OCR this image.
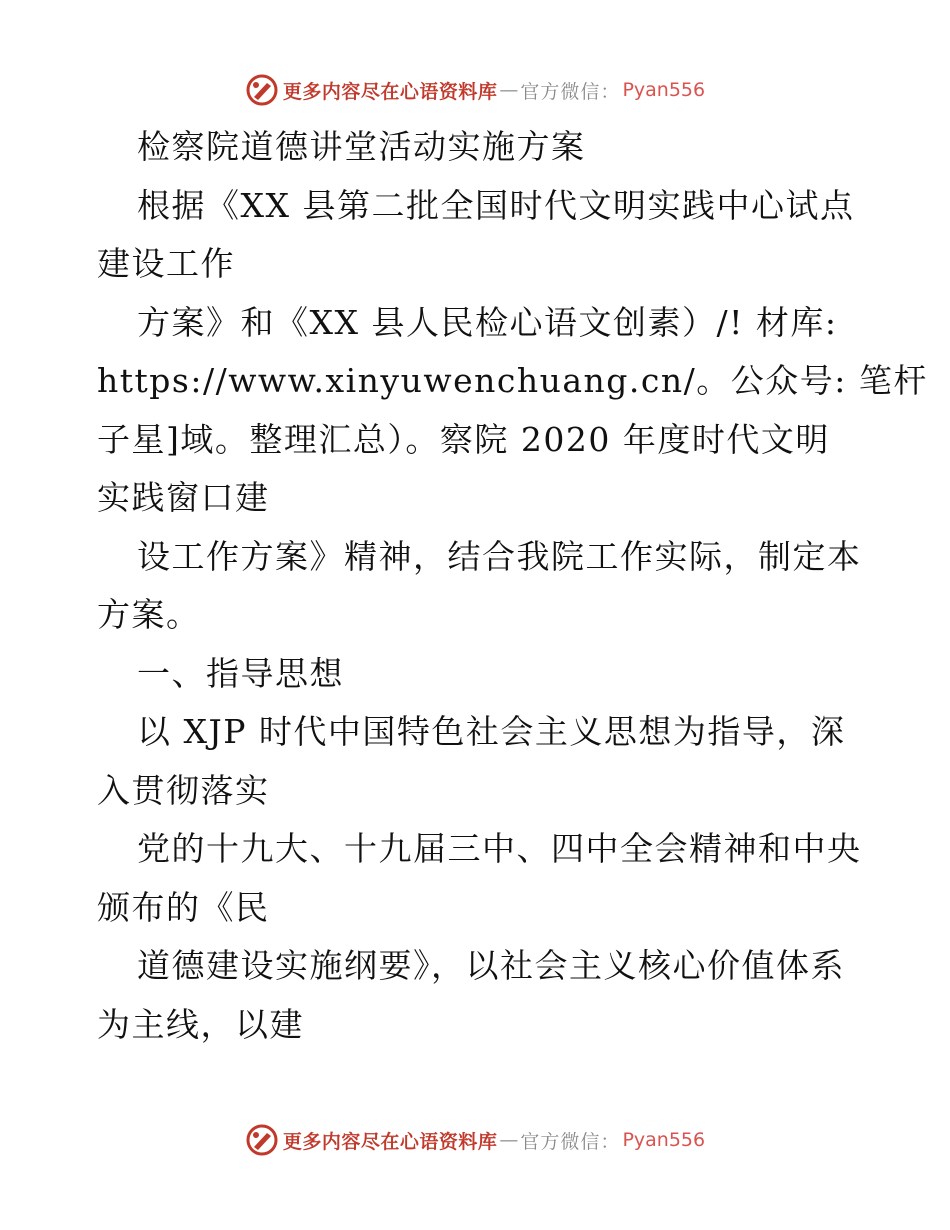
更多内容尽在心语资料库 — 官方微信： Pyan556
检察院道德讲堂活动实施方案
根据《XX 县第二批全国时代文明实践中心试点
建设工作
方案》和《XX 县人民检心语文创素）/! 材库:
https://www.xinyuwenchuang.cn/。公众号: 笔杆
子星]域。整理汇总）。察院 2020 年度时代文明
实践窗口建
设工作方案》精神，结合我院工作实际，制定本
方案。
一、指导思想
以 XJP 时代中国特色社会主义思想为指导，深
入贯彻落实
党的十九大、十九届三中、四中全会精神和中央
颁布的《民
道德建设实施纲要》，以社会主义核心价值体系
为主线，以建
更多内容尽在心语资料库 — 官方微信： Pyan556
